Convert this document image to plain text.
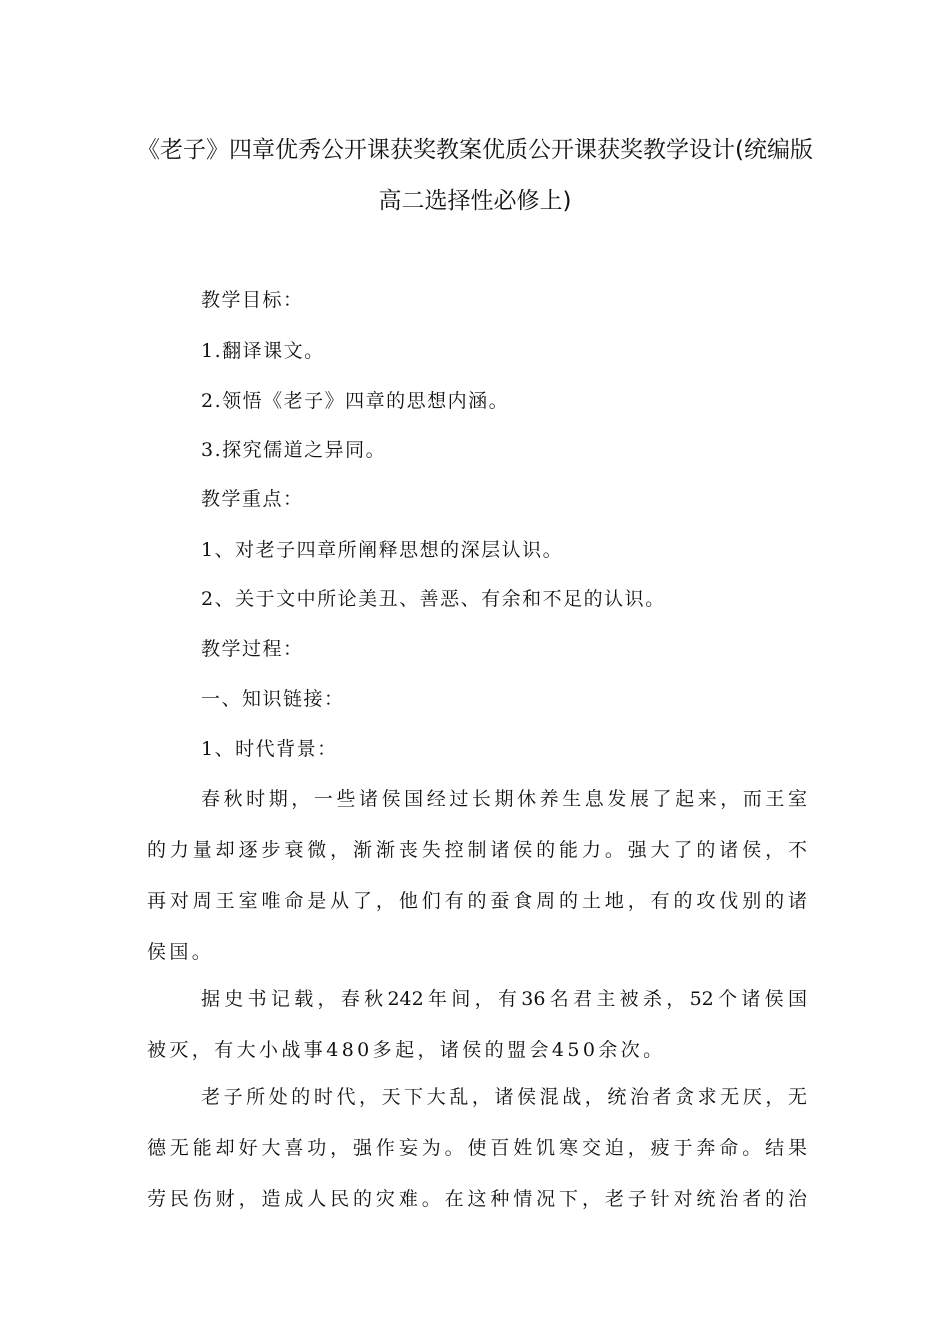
《老子》四章优秀公开课获奖教案优质公开课获奖教学设计(统编版
高二选择性必修上)
教学目标：
1.翻译课文。
2.领悟《老子》四章的思想内涵。
3.探究儒道之异同。
教学重点：
1、对老子四章所阐释思想的深层认识。
2、关于文中所论美丑、善恶、有余和不足的认识。
教学过程：
一、知识链接：
1、时代背景：
春秋时期，一些诸侯国经过长期休养生息发展了起来，而王室
的力量却逐步衰微，渐渐丧失控制诸侯的能力。强大了的诸侯，不
再对周王室唯命是从了，他们有的蚕食周的土地，有的攻伐别的诸
侯国。
据史书记载，春秋242年间，有36名君主被杀，52个诸侯国
被灭，有大小战事480多起，诸侯的盟会450余次。
老子所处的时代，天下大乱，诸侯混战，统治者贪求无厌，无
德无能却好大喜功，强作妄为。使百姓饥寒交迫，疲于奔命。结果
劳民伤财，造成人民的灾难。在这种情况下，老子针对统治者的治
